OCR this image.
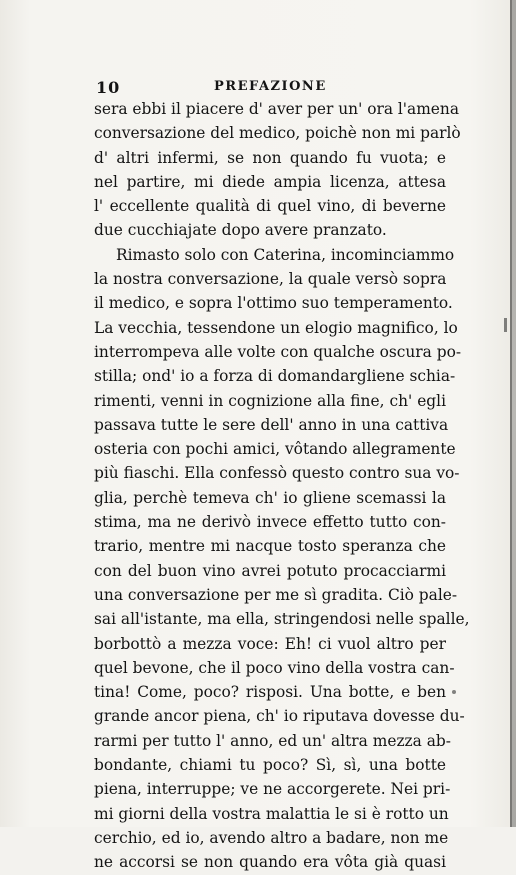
10	PREFAZIONE
sera ebbi il piacere d' aver per un' ora l'amena
conversazione del medico, poichè non mi parlò
d' altri infermi, se non quando fu vuota; e
nel partire, mi diede ampia licenza, attesa
l' eccellente qualità di quel vino, di beverne
due cucchiajate dopo avere pranzato.
Rimasto solo con Caterina, incominciammo
la nostra conversazione, la quale versò sopra
il medico, e sopra l'ottimo suo temperamento.
La vecchia, tessendone un elogio magnifico, lo
interrompeva alle volte con qualche oscura po-
stilla; ond' io a forza di domandargliene schia-
rimenti, venni in cognizione alla fine, ch' egli
passava tutte le sere dell' anno in una cattiva
osteria con pochi amici, vôtando allegramente
più fiaschi. Ella confessò questo contro sua vo-
glia, perchè temeva ch' io gliene scemassi la
stima, ma ne derivò invece effetto tutto con-
trario, mentre mi nacque tosto speranza che
con del buon vino avrei potuto procacciarmi
una conversazione per me sì gradita. Ciò pale-
sai all'istante, ma ella, stringendosi nelle spalle,
borbottò a mezza voce: Eh! ci vuol altro per
quel bevone, che il poco vino della vostra can-
tina! Come, poco? risposi. Una botte, e ben
grande ancor piena, ch' io riputava dovesse du-
rarmi per tutto l' anno, ed un' altra mezza ab-
bondante, chiami tu poco? Sì, sì, una botte
piena, interruppe; ve ne accorgerete. Nei pri-
mi giorni della vostra malattia le si è rotto un
cerchio, ed io, avendo altro a badare, non me
ne accorsi se non quando era vôta già quasi
